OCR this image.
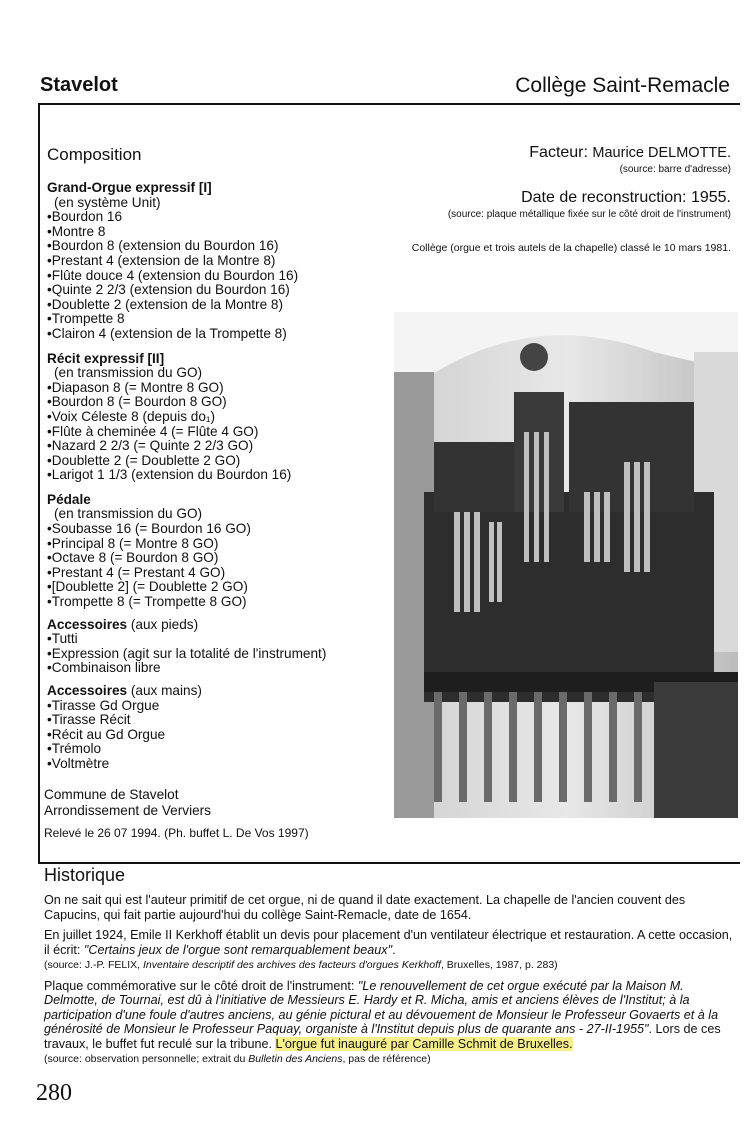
Stavelot	Collège Saint-Remacle
Composition
Grand-Orgue expressif [I]
(en système Unit)
• Bourdon 16
• Montre 8
• Bourdon 8 (extension du Bourdon 16)
• Prestant 4 (extension de la Montre 8)
• Flûte douce 4 (extension du Bourdon 16)
• Quinte 2 2/3 (extension du Bourdon 16)
• Doublette 2 (extension de la Montre 8)
• Trompette 8
• Clairon 4 (extension de la Trompette 8)
Récit expressif [II]
(en transmission du GO)
• Diapason 8 (= Montre 8 GO)
• Bourdon 8 (= Bourdon 8 GO)
• Voix Céleste 8 (depuis do₁)
• Flûte à cheminée 4 (= Flûte 4 GO)
• Nazard 2 2/3 (= Quinte 2 2/3 GO)
• Doublette 2 (= Doublette 2 GO)
• Larigot 1 1/3 (extension du Bourdon 16)
Pédale
(en transmission du GO)
• Soubasse 16 (= Bourdon 16 GO)
• Principal 8 (= Montre 8 GO)
• Octave 8 (= Bourdon 8 GO)
• Prestant 4 (= Prestant 4 GO)
• [Doublette 2] (= Doublette 2 GO)
• Trompette 8 (= Trompette 8 GO)
Accessoires (aux pieds)
• Tutti
• Expression (agit sur la totalité de l'instrument)
• Combinaison libre
Accessoires (aux mains)
• Tirasse Gd Orgue
• Tirasse Récit
• Récit au Gd Orgue
• Trémolo
• Voltmètre
Commune de Stavelot
Arrondissement de Verviers
Relevé le 26 07 1994. (Ph. buffet L. De Vos 1997)
Facteur: Maurice DELMOTTE.
(source: barre d'adresse)
Date de reconstruction: 1955.
(source: plaque métallique fixée sur le côté droit de l'instrument)
Collège (orgue et trois autels de la chapelle) classé le 10 mars 1981.
Historique

On ne sait qui est l'auteur primitif de cet orgue, ni de quand il date exactement. La chapelle de l'ancien couvent des Capucins, qui fait partie aujourd'hui du collège Saint-Remacle, date de 1654.

En juillet 1924, Emile II Kerkhoff établit un devis pour placement d'un ventilateur électrique et restauration. A cette occasion, il écrit: "Certains jeux de l'orgue sont remarquablement beaux".
(source: J.-P. FELIX, Inventaire descriptif des archives des facteurs d'orgues Kerkhoff, Bruxelles, 1987, p. 283)

Plaque commémorative sur le côté droit de l'instrument: "Le renouvellement de cet orgue exécuté par la Maison M. Delmotte, de Tournai, est dû à l'initiative de Messieurs E. Hardy et R. Micha, amis et anciens élèves de l'Institut; à la participation d'une foule d'autres anciens, au génie pictural et au dévouement de Monsieur le Professeur Govaerts et à la générosité de Monsieur le Professeur Paquay, organiste à l'Institut depuis plus de quarante ans - 27-II-1955". Lors de ces travaux, le buffet fut reculé sur la tribune. L'orgue fut inauguré par Camille Schmit de Bruxelles.
(source: observation personnelle; extrait du Bulletin des Anciens, pas de référence)

280
